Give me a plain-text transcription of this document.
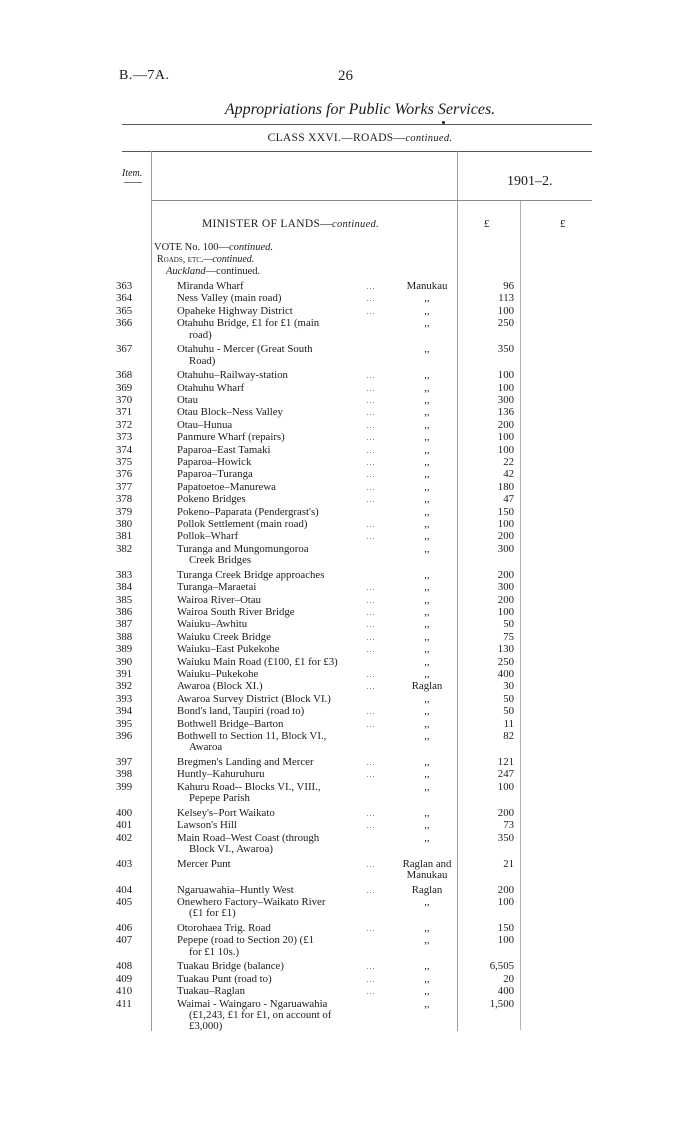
B.—7A.	26
Appropriations for Public Works Services.
CLASS XXVI.—ROADS—continued.
Item.
1901–2.
MINISTER OF LANDS—continued.	£	£
VOTE No. 100—continued.
Roads, etc.—continued.
Auckland—continued.
363	Miranda Wharf	...	Manukau	96
364	Ness Valley (main road)	...	,,	113
365	Opaheke Highway District	...	,,	100
366	Otahuhu Bridge, £1 for £1 (main
road)
,,	250
367	Otahuhu - Mercer (Great South
Road)
,,	350
368	Otahuhu–Railway-station	...	,,	100
369	Otahuhu Wharf	...	,,	100
370	Otau	...	,,	300
371	Otau Block–Ness Valley	...	,,	136
372	Otau–Hunua	...	,,	200
373	Panmure Wharf (repairs)	...	,,	100
374	Paparoa–East Tamaki	...	,,	100
375	Paparoa–Howick	...	,,	22
376	Paparoa–Turanga	...	,,	42
377	Papatoetoe–Manurewa	...	,,	180
378	Pokeno Bridges	...	,,	47
379	Pokeno–Paparata (Pendergrast's)	,,	150
380	Pollok Settlement (main road)	...	,,	100
381	Pollok–Wharf	...	,,	200
382	Turanga and Mungomungoroa
Creek Bridges
,,	300
383	Turanga Creek Bridge approaches	,,	200
384	Turanga–Maraetai	...	,,	300
385	Wairoa River–Otau	...	,,	200
386	Wairoa South River Bridge	...	,,	100
387	Waiuku–Awhitu	...	,,	50
388	Waiuku Creek Bridge	...	,,	75
389	Waiuku–East Pukekohe	...	,,	130
390	Waiuku Main Road (£100, £1 for £3)	,,	250
391	Waiuku–Pukekohe	...	,,	400
392	Awaroa (Block XI.)	...	Raglan	30
393	Awaroa Survey District (Block VI.)	,,	50
394	Bond's land, Taupiri (road to)	...	,,	50
395	Bothwell Bridge–Barton	...	,,	11
396	Bothwell to Section 11, Block VI.,
Awaroa
,,	82
397	Bregmen's Landing and Mercer	...	,,	121
398	Huntly–Kahuruhuru	...	,,	247
399	Kahuru Road-- Blocks VI., VIII.,
Pepepe Parish
,,	100
400	Kelsey's–Port Waikato	...	,,	200
401	Lawson's Hill	...	,,	73
402	Main Road–West Coast (through
Block VI., Awaroa)
,,	350
403	Mercer Punt	...	Raglan and
Manukau
21
404	Ngaruawahia–Huntly West	...	Raglan	200
405	Onewhero Factory–Waikato River
(£1 for £1)
,,	100
406	Otorohaea Trig. Road	...	,,	150
407	Pepepe (road to Section 20) (£1
for £1 10s.)
,,	100
408	Tuakau Bridge (balance)	...	,,	6,505
409	Tuakau Punt (road to)	...	,,	20
410	Tuakau–Raglan	...	,,	400
411	Waimai - Waingaro - Ngaruawahia
(£1,243, £1 for £1, on account of
£3,000)
,,	1,500
